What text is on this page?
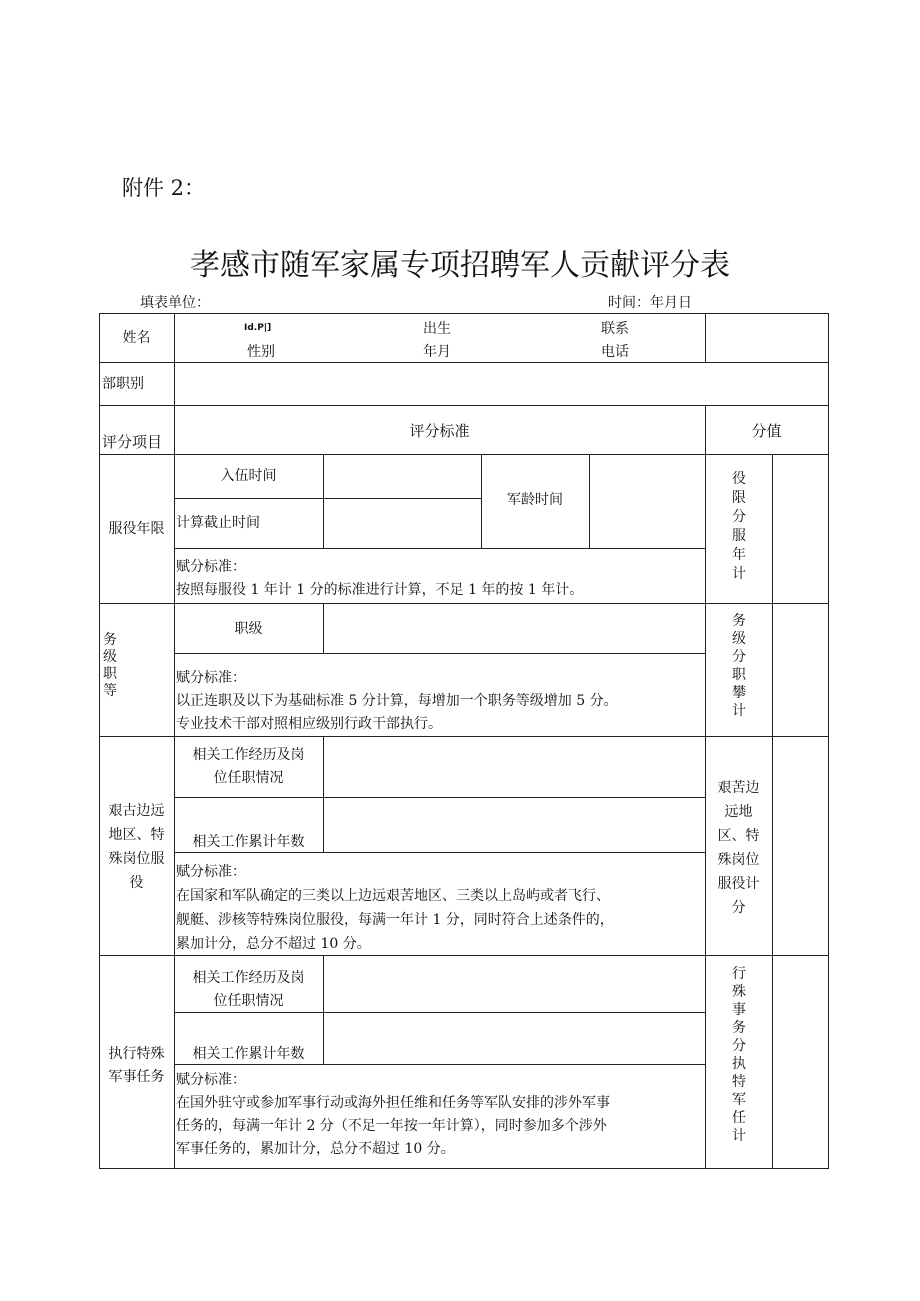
附件 2：
孝感市随军家属专项招聘军人贡献评分表
填表单位：	时间：年月日
姓名
Id.P|]
性别
出生
年月
联系
电话
部职别
评分项目
评分标准	分值
服役年限
入伍时间
计算截止时间
军龄时间
赋分标准：
按照每服役 1 年计 1 分的标准进行计算，不足 1 年的按 1 年计。
役限分服年计
务级职等
职级
赋分标准：
以正连职及以下为基础标准 5 分计算，每增加一个职务等级增加 5 分。
专业技术干部对照相应级别行政干部执行。
务级分职攀计
艰古边远
地区、特
殊岗位服
役
相关工作经历及岗
位任职情况
相关工作累计年数
赋分标准：
在国家和军队确定的三类以上边远艰苦地区、三类以上岛屿或者飞行、
舰艇、涉核等特殊岗位服役，每满一年计 1 分，同时符合上述条件的，
累加计分，总分不超过 10 分。
艰苦边
远地
区、特
殊岗位
服役计
分
执行特殊
军事任务
相关工作经历及岗
位任职情况
相关工作累计年数
赋分标准：
在国外驻守或参加军事行动或海外担任维和任务等军队安排的涉外军事
任务的，每满一年计 2 分（不足一年按一年计算），同时参加多个涉外
军事任务的，累加计分，总分不超过 10 分。
行殊事务分执特军任计
